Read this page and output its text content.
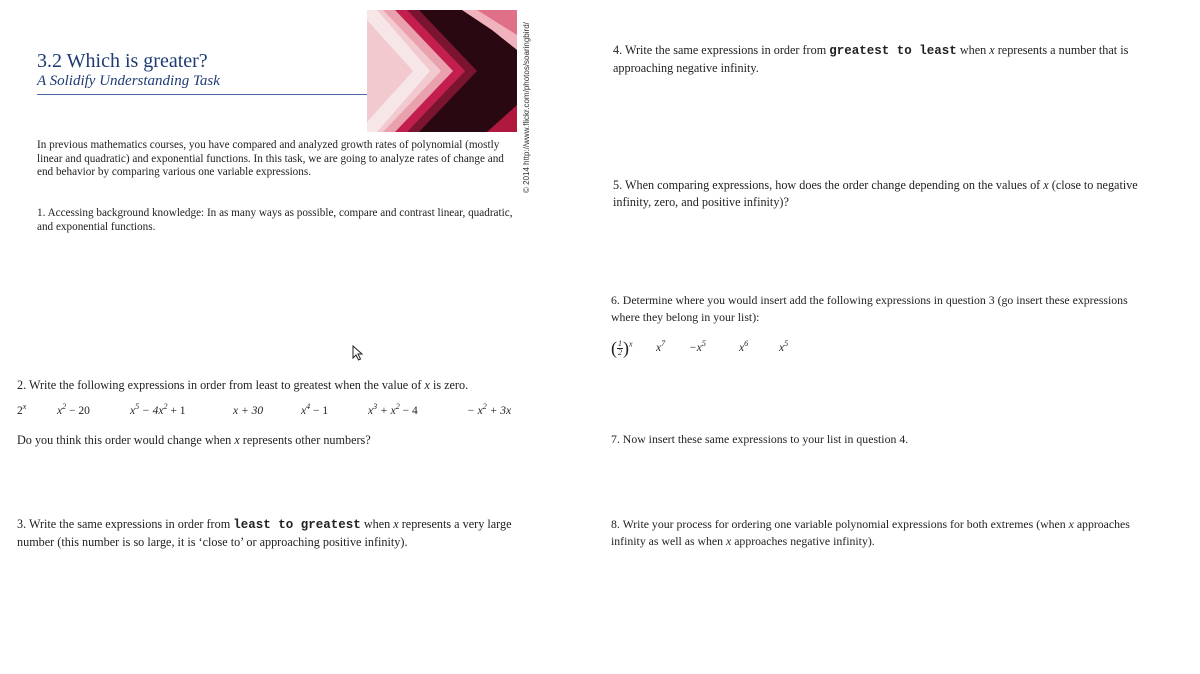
3.2 Which is greater?
A Solidify Understanding Task	© 2014 http://www.flickr.com/photos/soaringbird/
In previous mathematics courses, you have compared and analyzed growth rates of polynomial (mostly linear and quadratic) and exponential functions. In this task, we are going to analyze rates of change and end behavior by comparing various one variable expressions.
1. Accessing background knowledge: In as many ways as possible, compare and contrast linear, quadratic, and exponential functions.
2. Write the following expressions in order from least to greatest when the value of x is zero.
2$^x$	$x^2 - 20$	$x^5 - 4x^2 + 1$	x + 30	$x^4 - 1$	$x^3 + x^2 - 4$	− $x^2 + 3x$
Do you think this order would change when x represents other numbers?
3. Write the same expressions in order from least to greatest when x represents a very large number (this number is so large, it is ‘close to’ or approaching positive infinity).
4. Write the same expressions in order from greatest to least when x represents a number that is approaching negative infinity.
5. When comparing expressions, how does the order change depending on the values of x (close to negative infinity, zero, and positive infinity)?
6. Determine where you would insert add the following expressions in question 3 (go insert these expressions where they belong in your list):
( $\frac{1}{2} )^x$ $x^7 -x^5$	$x^6$	$x^5$
7. Now insert these same expressions to your list in question 4.
8. Write your process for ordering one variable polynomial expressions for both extremes (when x approaches infinity as well as when x approaches negative infinity).
